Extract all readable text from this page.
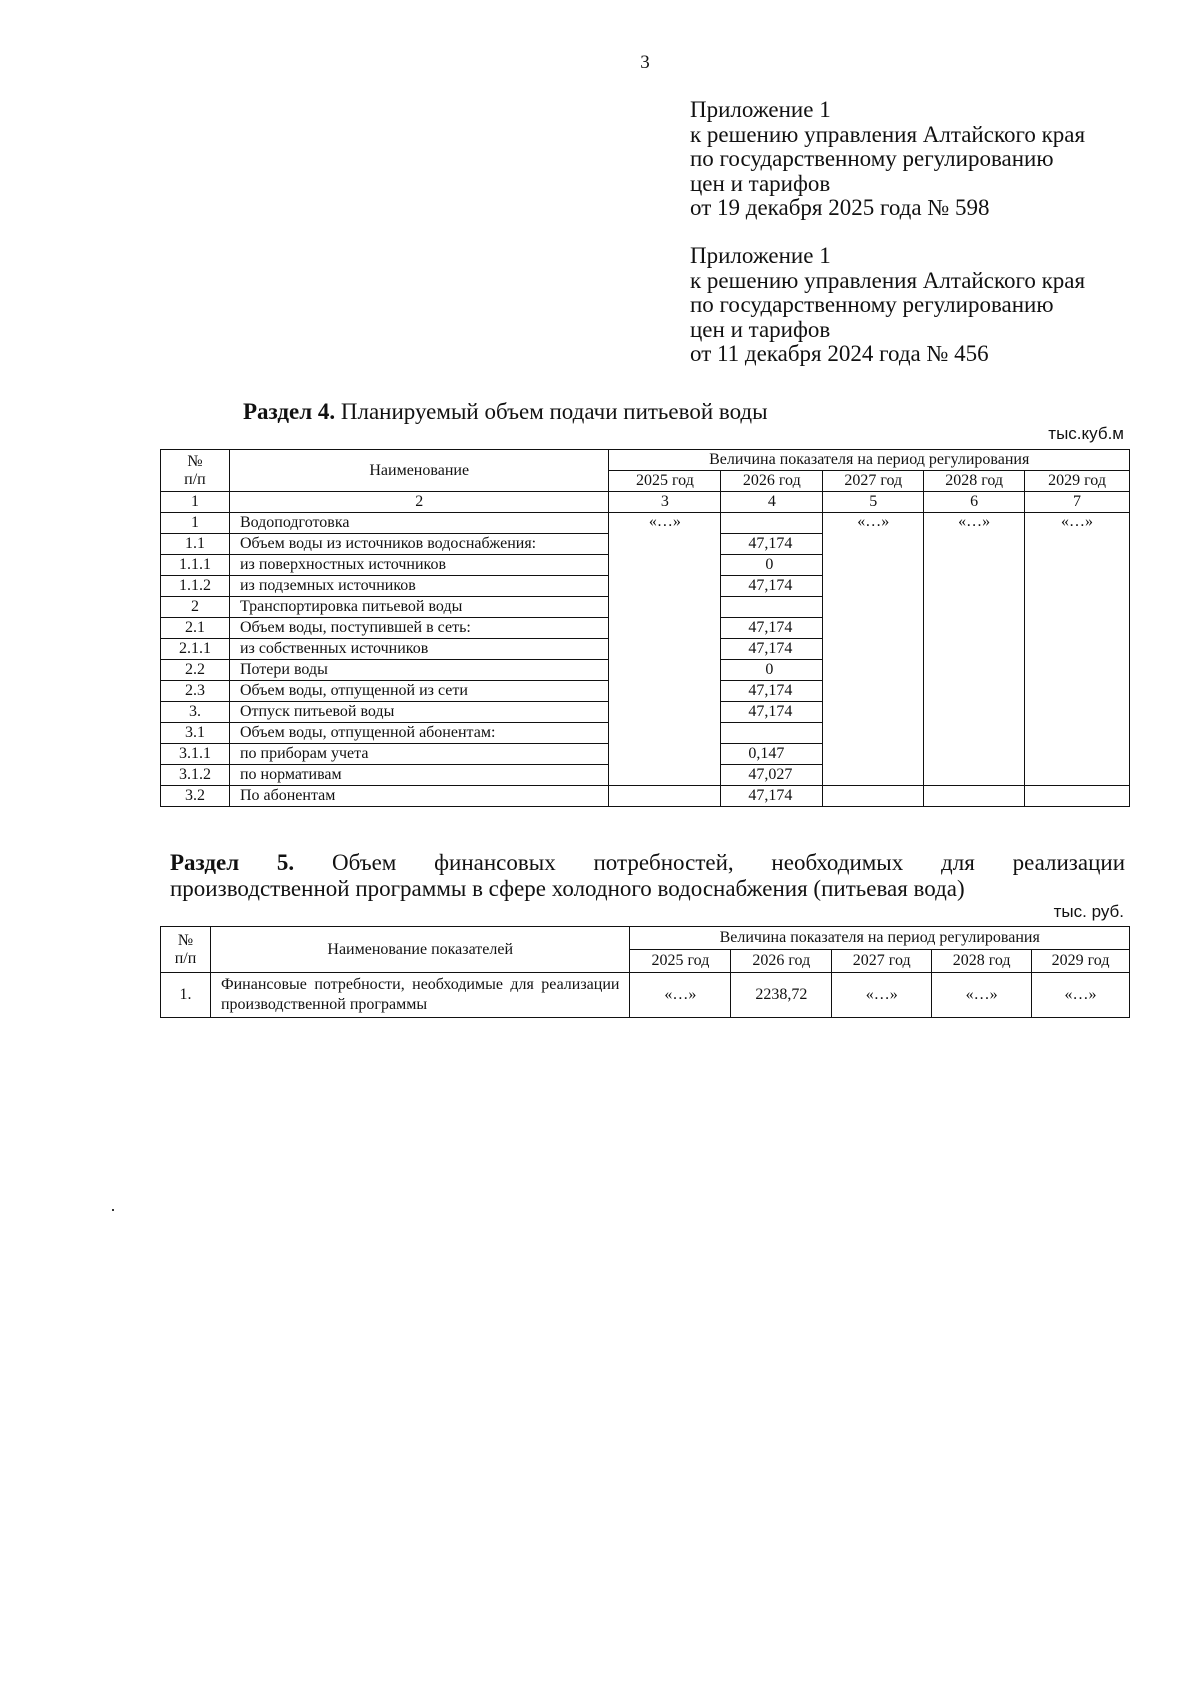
3
Приложение 1
к решению управления Алтайского края
по государственному регулированию
цен и тарифов
от 19 декабря 2025 года № 598
Приложение 1
к решению управления Алтайского края
по государственному регулированию
цен и тарифов
от 11 декабря 2024 года № 456
Раздел 4. Планируемый объем подачи питьевой воды
тыс.куб.м
№
п/п	Наименование	Величина показателя на период регулирования				
		2025 год	2026 год	2027 год	2028 год	2029 год
1	2	3	4	5	6	7
1	Водоподготовка	«…»		«…»	«…»	«…»
1.1	Объем воды из источников водоснабжения:		47,174			
1.1.1	из поверхностных источников		0			
1.1.2	из подземных источников		47,174			
2	Транспортировка питьевой воды					
2.1	Объем воды, поступившей в сеть:		47,174			
2.1.1	из собственных источников		47,174			
2.2	Потери воды		0			
2.3	Объем воды, отпущенной из сети		47,174			
3.	Отпуск питьевой воды		47,174			
3.1	Объем воды, отпущенной абонентам:					
3.1.1	по приборам учета		0,147			
3.1.2	по нормативам		47,027			
3.2	По абонентам		47,174			
Раздел 5. Объем финансовых потребностей, необходимых для реализации
производственной программы в сфере холодного водоснабжения (питьевая вода)
тыс. руб.
№
п/п	Наименование показателей	Величина показателя на период регулирования				
		2025 год	2026 год	2027 год	2028 год	2029 год
1.	Финансовые потребности, необходимые для реализации производственной программы	«…»	2238,72	«…»	«…»	«…»
